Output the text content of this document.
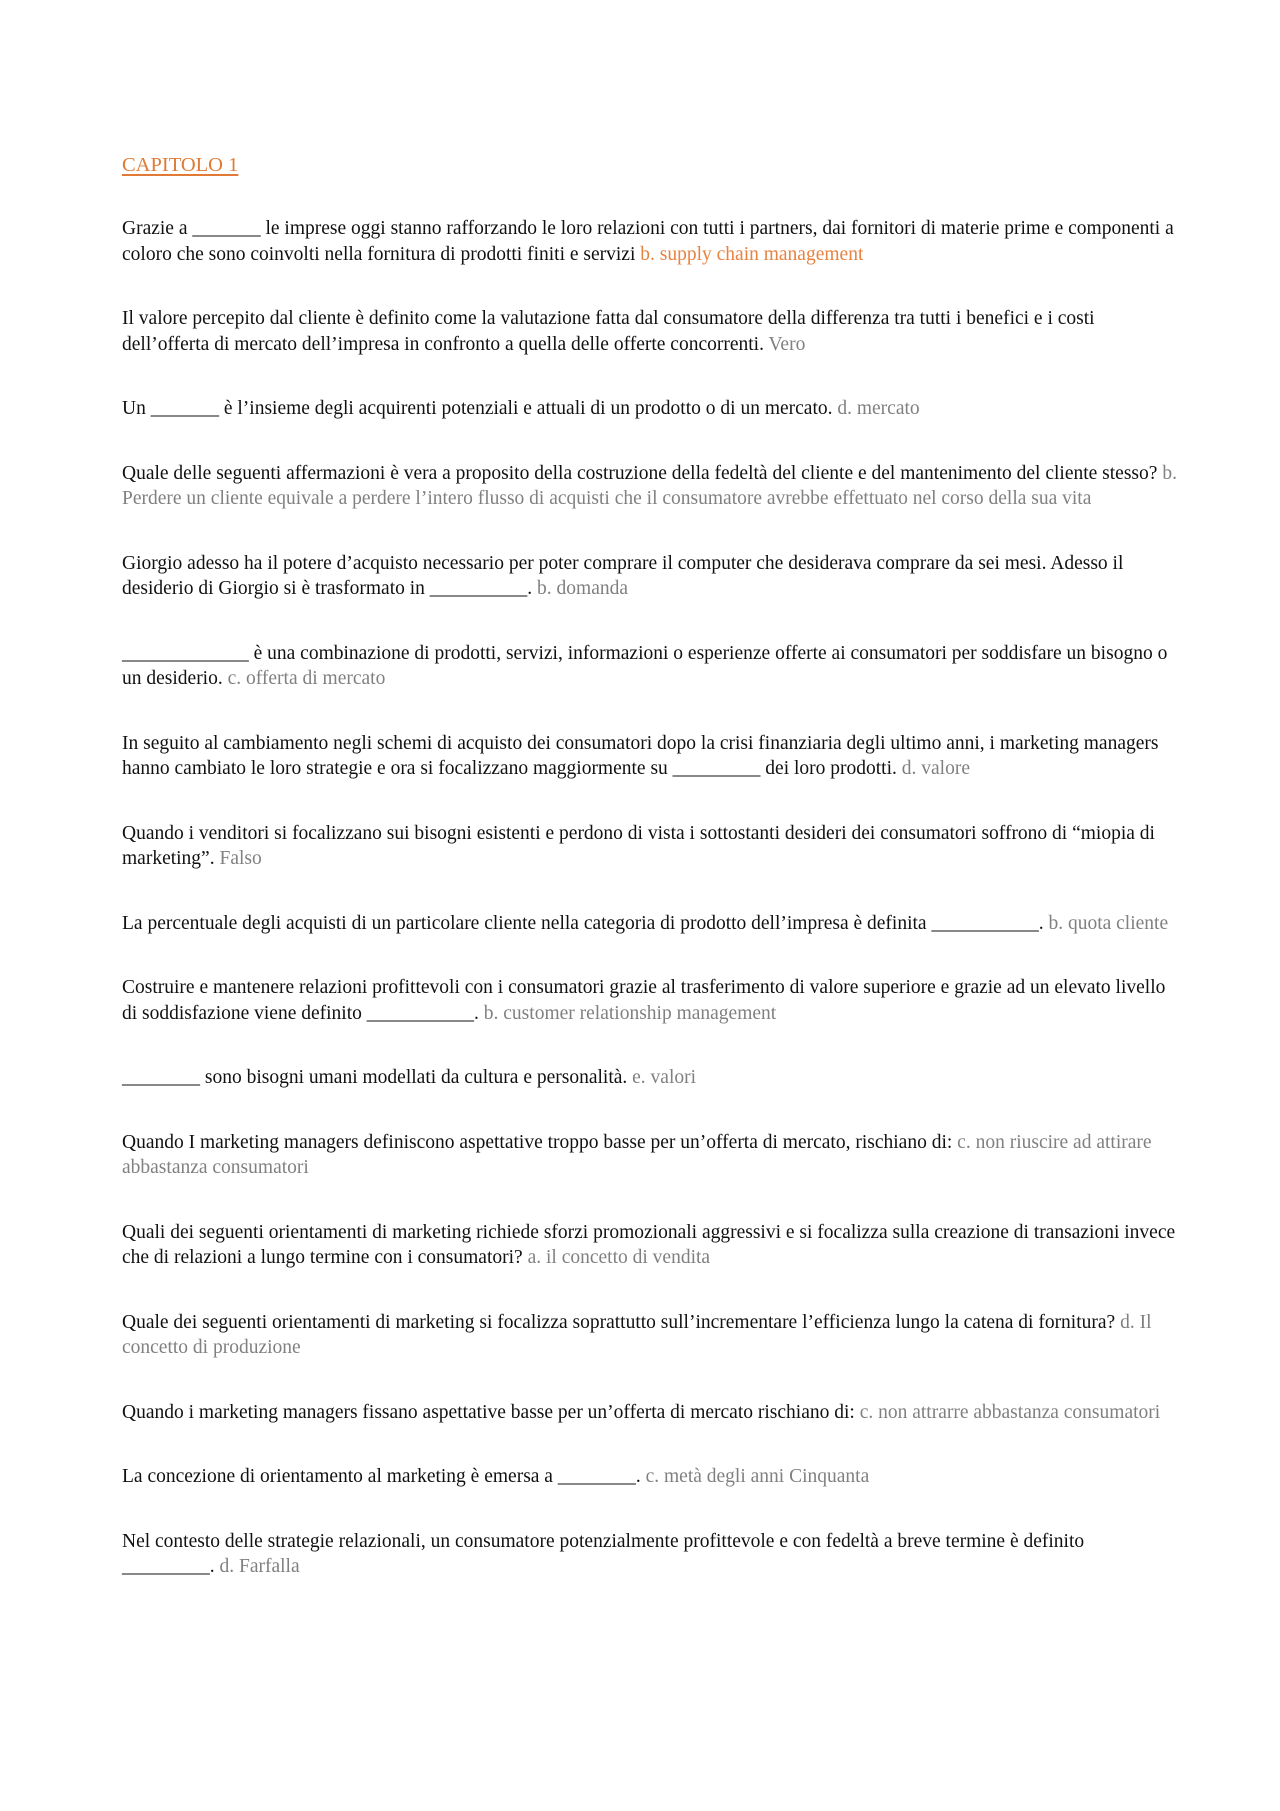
CAPITOLO 1

Grazie a _______ le imprese oggi stanno rafforzando le loro relazioni con tutti i partners, dai fornitori di materie prime e componenti a coloro che sono coinvolti nella fornitura di prodotti finiti e servizi b. supply chain management

Il valore percepito dal cliente è definito come la valutazione fatta dal consumatore della differenza tra tutti i benefici e i costi dell’offerta di mercato dell’impresa in confronto a quella delle offerte concorrenti. Vero

Un _______ è l’insieme degli acquirenti potenziali e attuali di un prodotto o di un mercato. d. mercato

Quale delle seguenti affermazioni è vera a proposito della costruzione della fedeltà del cliente e del mantenimento del cliente stesso? b. Perdere un cliente equivale a perdere l’intero flusso di acquisti che il consumatore avrebbe effettuato nel corso della sua vita

Giorgio adesso ha il potere d’acquisto necessario per poter comprare il computer che desiderava comprare da sei mesi. Adesso il desiderio di Giorgio si è trasformato in __________. b. domanda

_____________ è una combinazione di prodotti, servizi, informazioni o esperienze offerte ai consumatori per soddisfare un bisogno o un desiderio. c. offerta di mercato

In seguito al cambiamento negli schemi di acquisto dei consumatori dopo la crisi finanziaria degli ultimo anni, i marketing managers hanno cambiato le loro strategie e ora si focalizzano maggiormente su _________ dei loro prodotti. d. valore

Quando i venditori si focalizzano sui bisogni esistenti e perdono di vista i sottostanti desideri dei consumatori soffrono di “miopia di marketing”. Falso

La percentuale degli acquisti di un particolare cliente nella categoria di prodotto dell’impresa è definita ___________. b. quota cliente

Costruire e mantenere relazioni profittevoli con i consumatori grazie al trasferimento di valore superiore e grazie ad un elevato livello di soddisfazione viene definito ___________. b. customer relationship management

________ sono bisogni umani modellati da cultura e personalità. e. valori

Quando I marketing managers definiscono aspettative troppo basse per un’offerta di mercato, rischiano di: c. non riuscire ad attirare abbastanza consumatori

Quali dei seguenti orientamenti di marketing richiede sforzi promozionali aggressivi e si focalizza sulla creazione di transazioni invece che di relazioni a lungo termine con i consumatori? a. il concetto di vendita

Quale dei seguenti orientamenti di marketing si focalizza soprattutto sull’incrementare l’efficienza lungo la catena di fornitura? d. Il concetto di produzione

Quando i marketing managers fissano aspettative basse per un’offerta di mercato rischiano di: c. non attrarre abbastanza consumatori

La concezione di orientamento al marketing è emersa a ________. c. metà degli anni Cinquanta

Nel contesto delle strategie relazionali, un consumatore potenzialmente profittevole e con fedeltà a breve termine è definito _________. d. Farfalla
